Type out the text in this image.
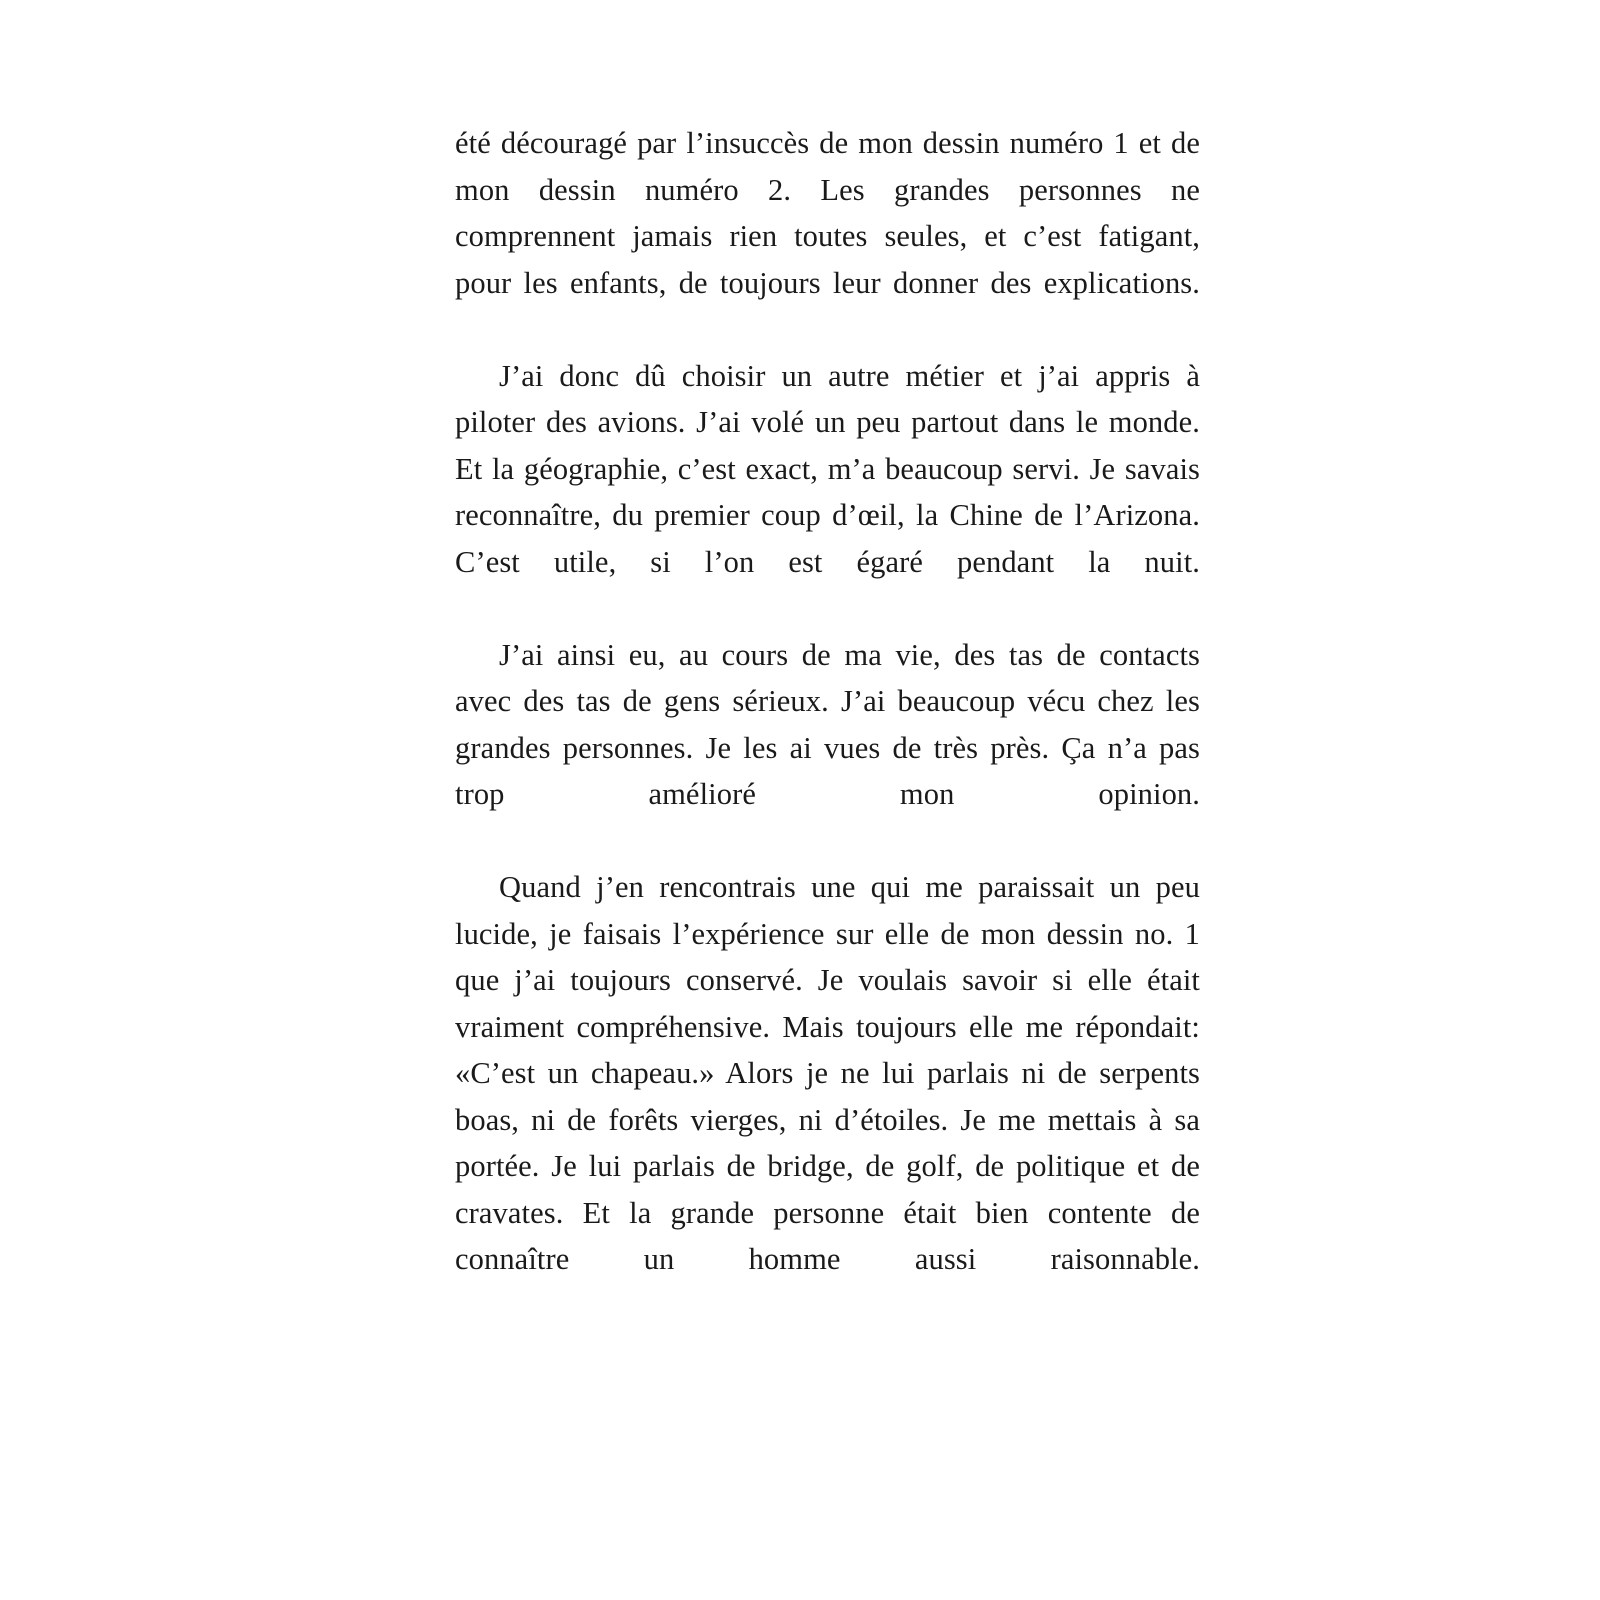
été découragé par l’insuccès de mon dessin numéro 1 et de mon dessin numéro 2. Les grandes personnes ne comprennent jamais rien toutes seules, et c’est fatigant, pour les enfants, de toujours leur donner des explications.

J’ai donc dû choisir un autre métier et j’ai appris à piloter des avions. J’ai volé un peu partout dans le monde. Et la géographie, c’est exact, m’a beaucoup servi. Je savais reconnaître, du premier coup d’œil, la Chine de l’Arizona. C’est utile, si l’on est égaré pendant la nuit.

J’ai ainsi eu, au cours de ma vie, des tas de contacts avec des tas de gens sérieux. J’ai beaucoup vécu chez les grandes personnes. Je les ai vues de très près. Ça n’a pas trop amélioré mon opinion.

Quand j’en rencontrais une qui me paraissait un peu lucide, je faisais l’expérience sur elle de mon dessin no. 1 que j’ai toujours conservé. Je voulais savoir si elle était vraiment compréhensive. Mais toujours elle me répondait: «C’est un chapeau.» Alors je ne lui parlais ni de serpents boas, ni de forêts vierges, ni d’étoiles. Je me mettais à sa portée. Je lui parlais de bridge, de golf, de politique et de cravates. Et la grande personne était bien contente de connaître un homme aussi raisonnable.
